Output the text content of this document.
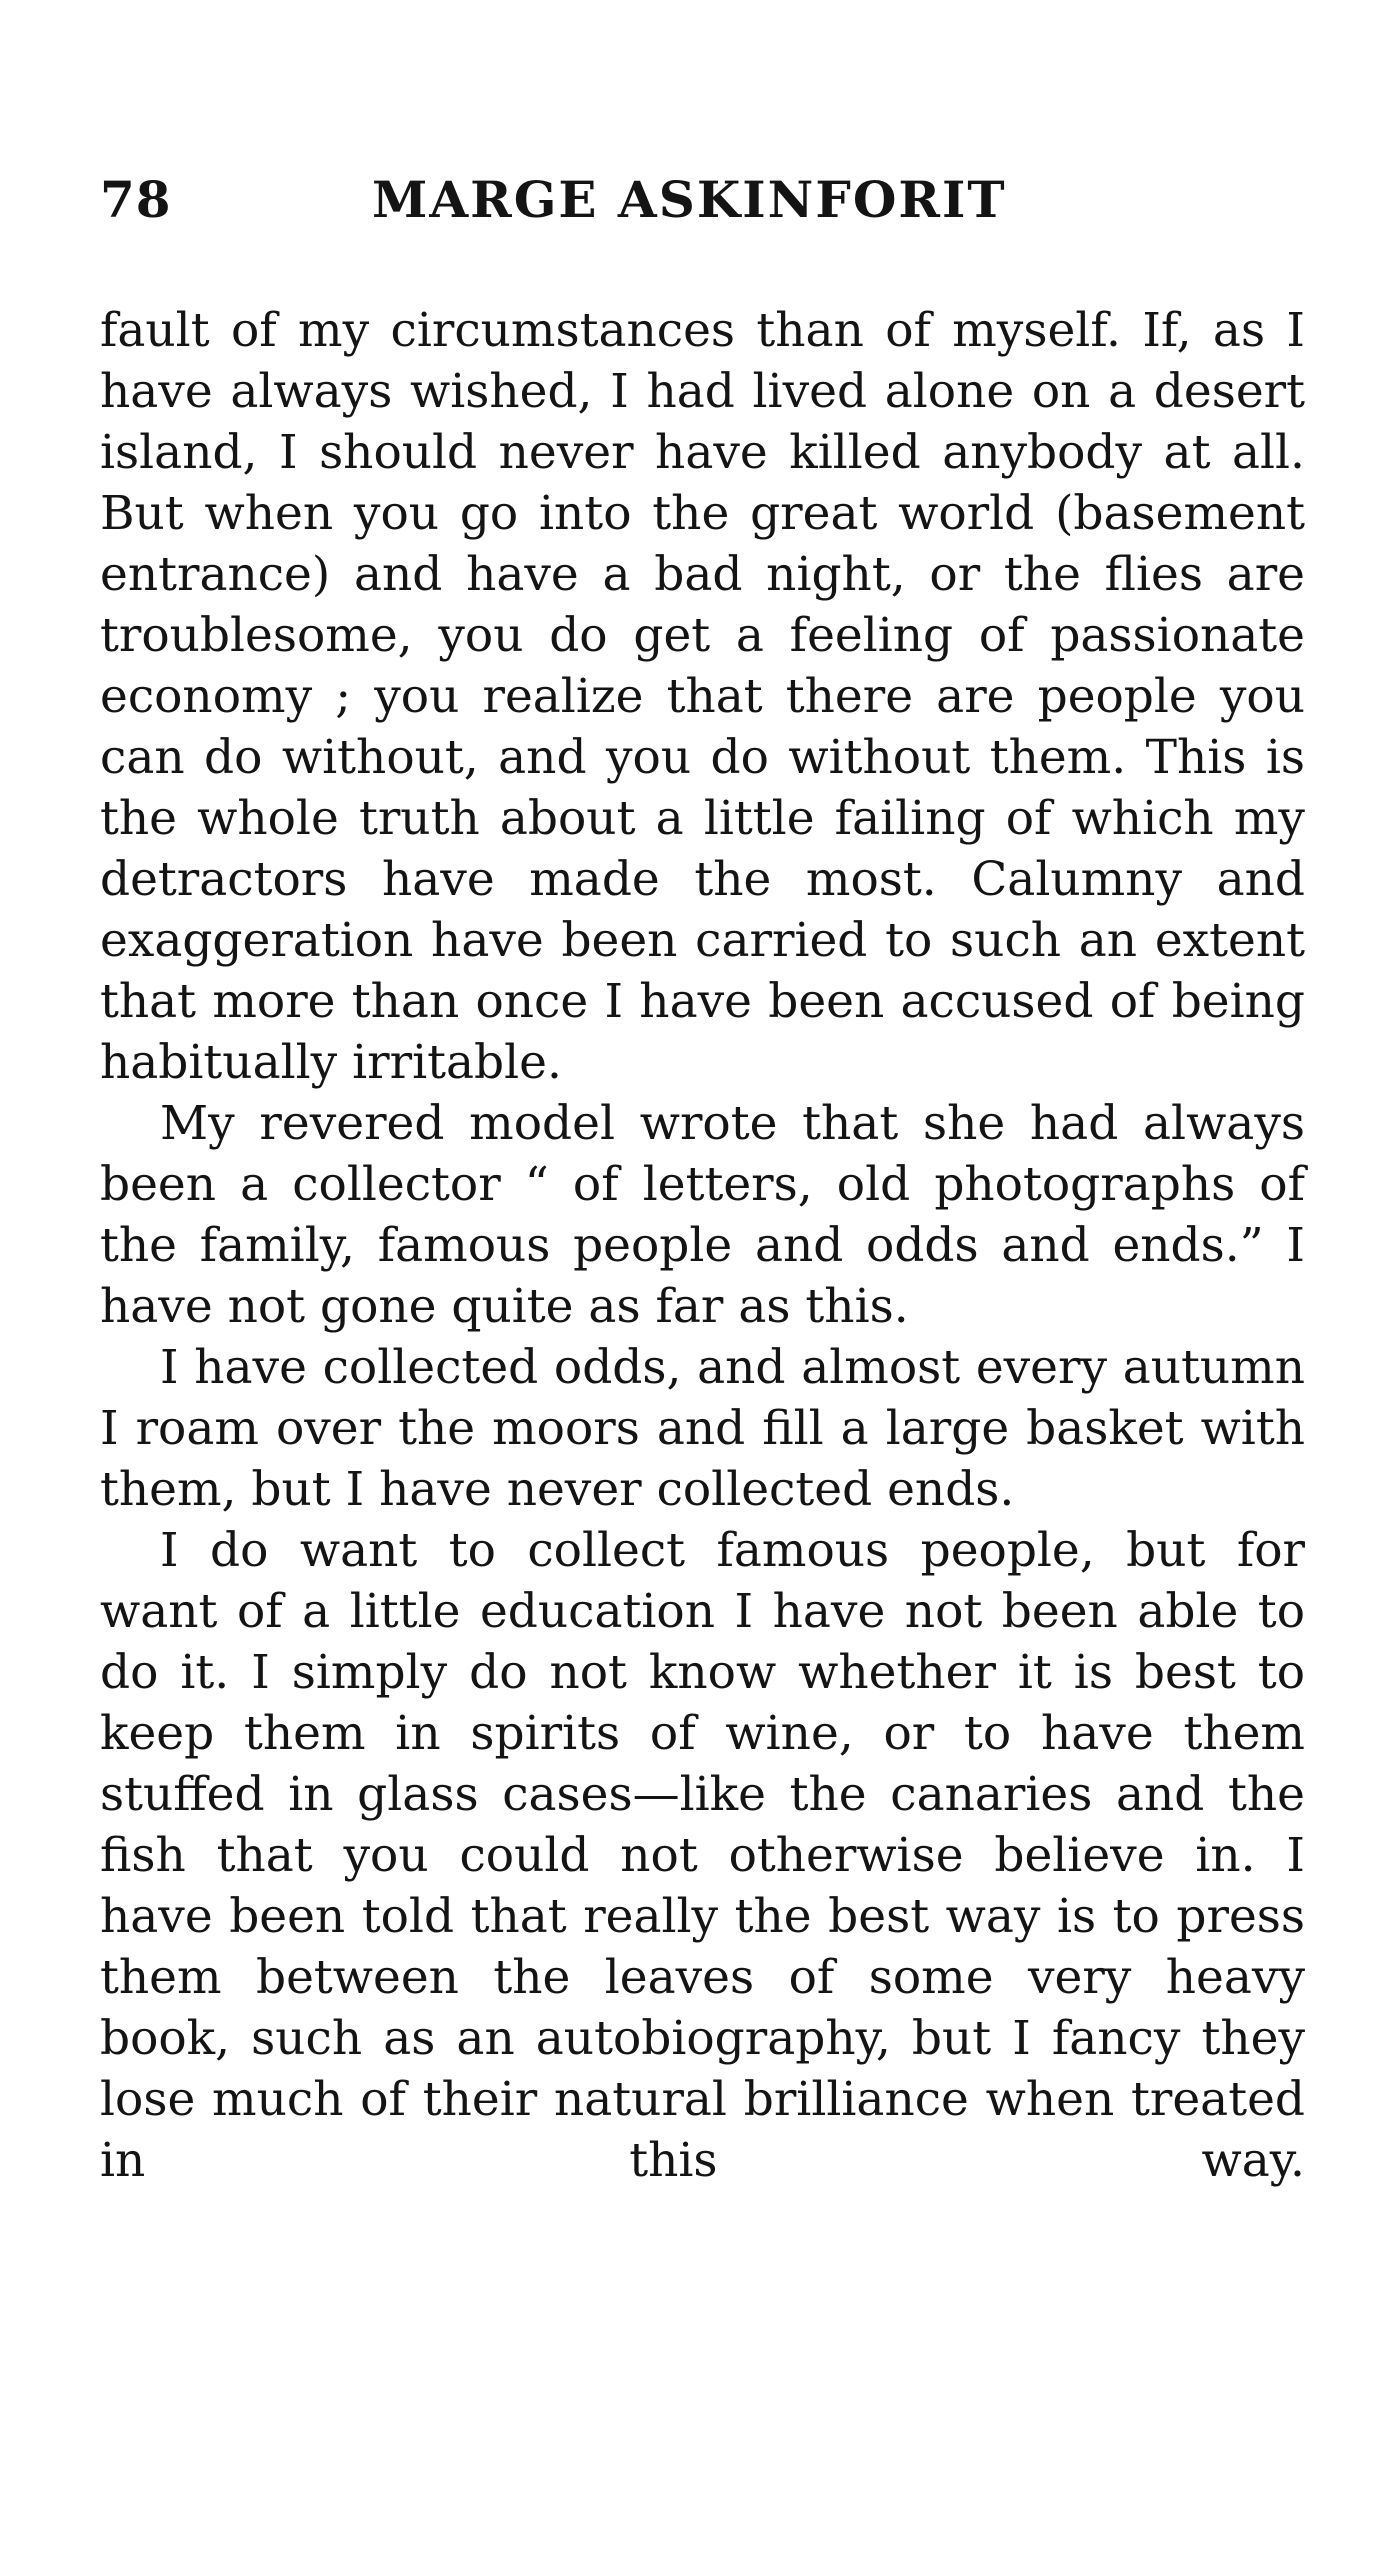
78	MARGE ASKINFORIT

fault of my circumstances than of myself. If, as I have always wished, I had lived alone on a desert island, I should never have killed anybody at all. But when you go into the great world (basement entrance) and have a bad night, or the flies are troublesome, you do get a feeling of passionate economy ; you realize that there are people you can do without, and you do without them. This is the whole truth about a little failing of which my detractors have made the most. Calumny and exaggeration have been carried to such an extent that more than once I have been accused of being habitually irritable.

My revered model wrote that she had always been a collector “ of letters, old photographs of the family, famous people and odds and ends.” I have not gone quite as far as this.

I have collected odds, and almost every autumn I roam over the moors and fill a large basket with them, but I have never collected ends.

I do want to collect famous people, but for want of a little education I have not been able to do it. I simply do not know whether it is best to keep them in spirits of wine, or to have them stuffed in glass cases—like the canaries and the fish that you could not otherwise believe in. I have been told that really the best way is to press them between the leaves of some very heavy book, such as an autobiography, but I fancy they lose much of their natural brilliance when treated in this way.
